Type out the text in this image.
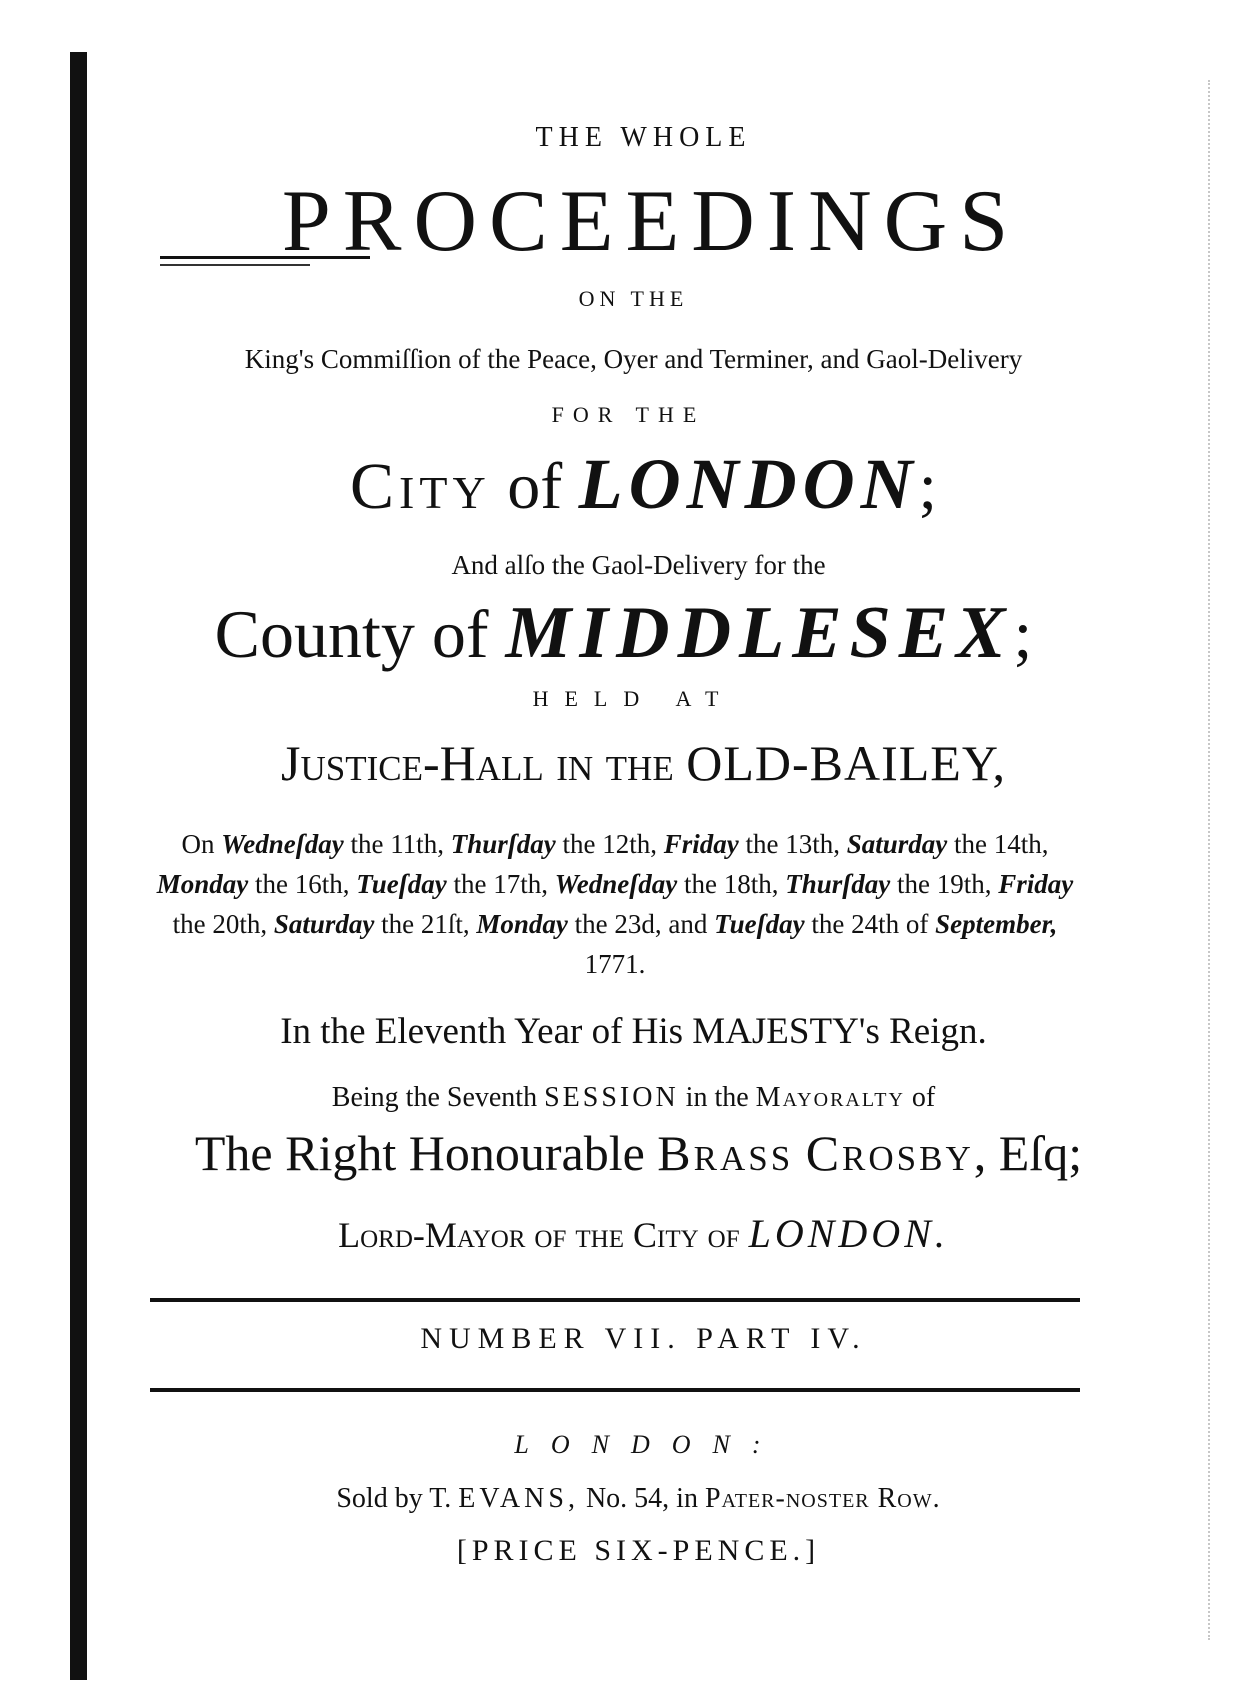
THE WHOLE
PROCEEDINGS
ON THE
King's Commiſſion of the Peace, Oyer and Terminer, and Gaol-Delivery
FOR THE
City of LONDON;
And alſo the Gaol-Delivery for the
County of MIDDLESEX;
HELD AT
Justice-Hall in the OLD-BAILEY,
On Wedneſday the 11th, Thurſday the 12th, Friday the 13th, Saturday the 14th, Monday the 16th, Tueſday the 17th, Wedneſday the 18th, Thurſday the 19th, Friday the 20th, Saturday the 21ſt, Monday the 23d, and Tueſday the 24th of September, 1771.
In the Eleventh Year of His MAJESTY's Reign.
Being the Seventh SESSION in the Mayoralty of
The Right Honourable Brass Crosby, Eſq;
Lord-Mayor of the City of LONDON.
NUMBER VII. PART IV.
LONDON:
Sold by T. EVANS, No. 54, in Pater-noster Row.
[PRICE SIX-PENCE.]
